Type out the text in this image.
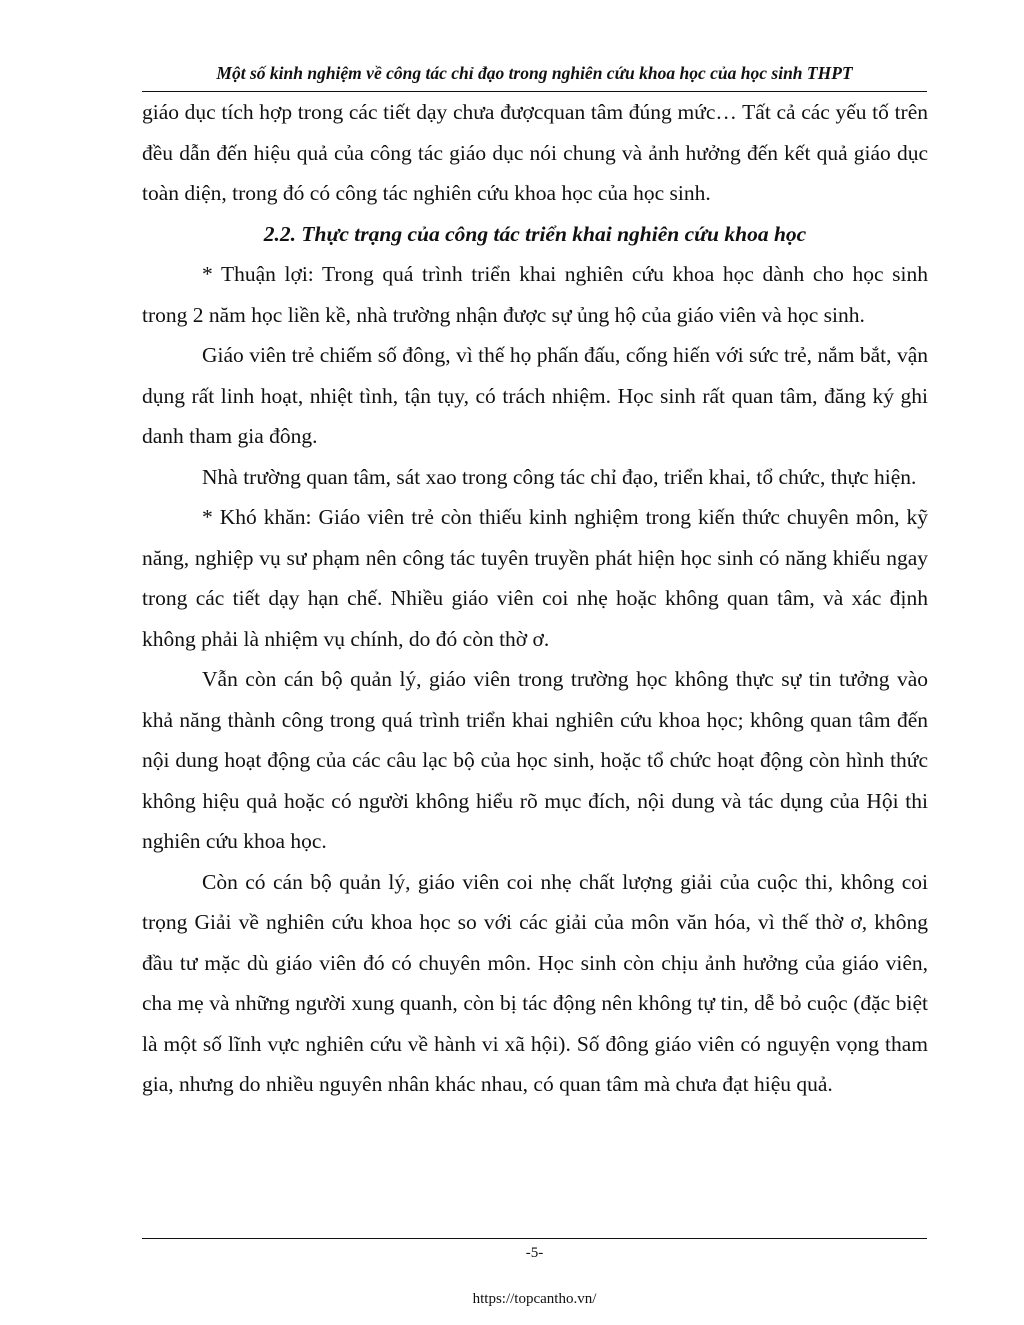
Một số kinh nghiệm về công tác chỉ đạo trong nghiên cứu khoa học của học sinh THPT

giáo dục tích hợp trong các tiết dạy chưa đượcquan tâm đúng mức… Tất cả các yếu tố trên đều dẫn đến hiệu quả của công tác giáo dục nói chung và ảnh hưởng đến kết quả giáo dục toàn diện, trong đó có công tác nghiên cứu khoa học của học sinh.

2.2. Thực trạng của công tác triển khai nghiên cứu khoa học

* Thuận lợi: Trong quá trình triển khai nghiên cứu khoa học dành cho học sinh trong 2 năm học liền kề, nhà trường nhận được sự ủng hộ của giáo viên và học sinh.

Giáo viên trẻ chiếm số đông, vì thế họ phấn đấu, cống hiến với sức trẻ, nắm bắt, vận dụng rất linh hoạt, nhiệt tình, tận tụy, có trách nhiệm. Học sinh rất quan tâm, đăng ký ghi danh tham gia đông.

Nhà trường quan tâm, sát xao trong công tác chỉ đạo, triển khai, tổ chức, thực hiện.

* Khó khăn: Giáo viên trẻ còn thiếu kinh nghiệm trong kiến thức chuyên môn, kỹ năng, nghiệp vụ sư phạm nên công tác tuyên truyền phát hiện học sinh có năng khiếu ngay trong các tiết dạy hạn chế. Nhiều giáo viên coi nhẹ hoặc không quan tâm, và xác định không phải là nhiệm vụ chính, do đó còn thờ ơ.

Vẫn còn cán bộ quản lý, giáo viên trong trường học không thực sự tin tưởng vào khả năng thành công trong quá trình triển khai nghiên cứu khoa học; không quan tâm đến nội dung hoạt động của các câu lạc bộ của học sinh, hoặc tổ chức hoạt động còn hình thức không hiệu quả hoặc có người không hiểu rõ mục đích, nội dung và tác dụng của Hội thi nghiên cứu khoa học.

Còn có cán bộ quản lý, giáo viên coi nhẹ chất lượng giải của cuộc thi, không coi trọng Giải về nghiên cứu khoa học so với các giải của môn văn hóa, vì thế thờ ơ, không đầu tư mặc dù giáo viên đó có chuyên môn. Học sinh còn chịu ảnh hưởng của giáo viên, cha mẹ và những người xung quanh, còn bị tác động nên không tự tin, dễ bỏ cuộc (đặc biệt là một số lĩnh vực nghiên cứu về hành vi xã hội). Số đông giáo viên có nguyện vọng tham gia, nhưng do nhiều nguyên nhân khác nhau, có quan tâm mà chưa đạt hiệu quả.

-5-
https://topcantho.vn/
